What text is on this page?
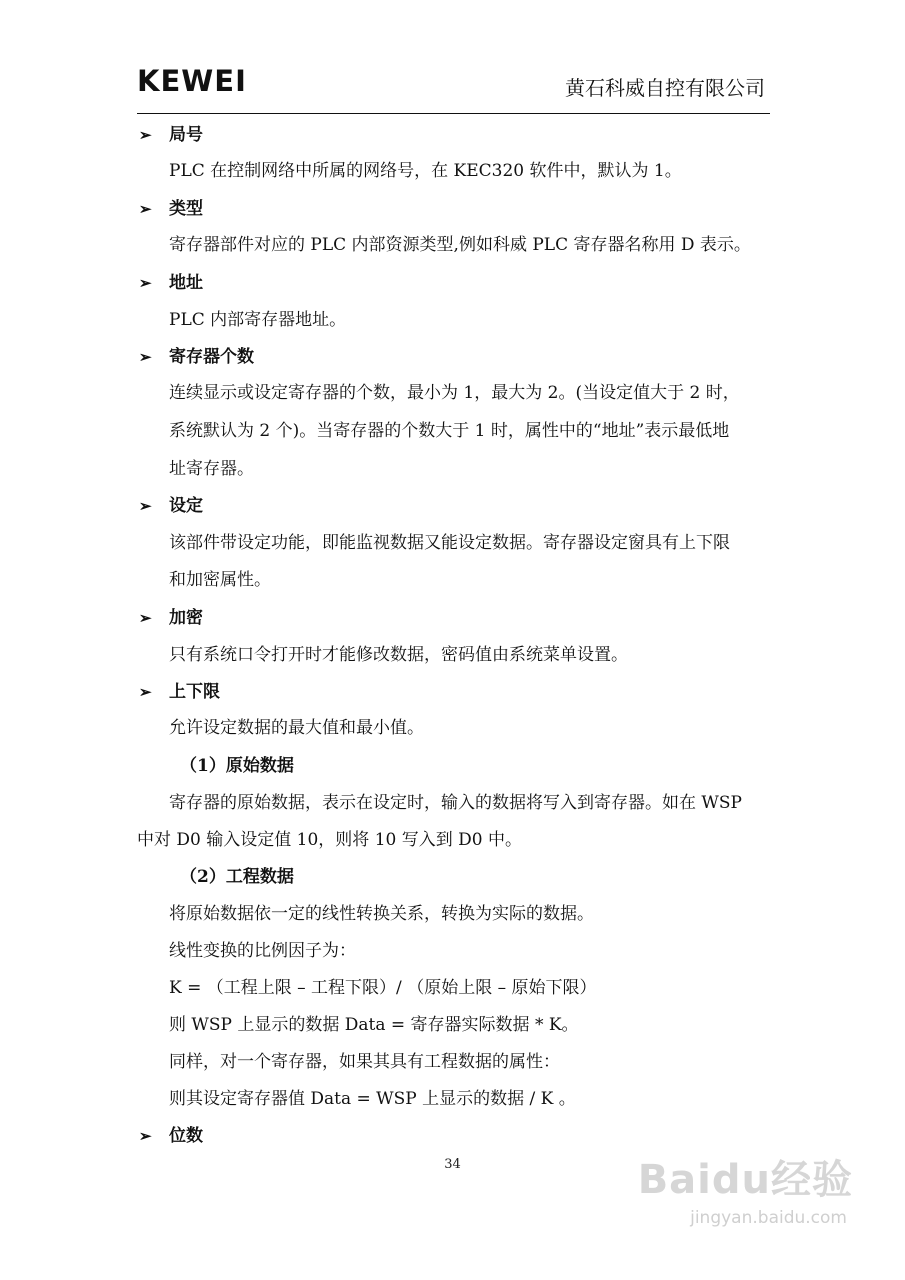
KEWEI	黄石科威自控有限公司
➢ 局号
PLC 在控制网络中所属的网络号，在 KEC320 软件中，默认为 1。
➢ 类型
寄存器部件对应的 PLC 内部资源类型,例如科威 PLC 寄存器名称用 D 表示。
➢ 地址
PLC 内部寄存器地址。
➢ 寄存器个数
连续显示或设定寄存器的个数，最小为 1，最大为 2。(当设定值大于 2 时，
系统默认为 2 个)。当寄存器的个数大于 1 时，属性中的“地址”表示最低地
址寄存器。
➢ 设定
该部件带设定功能，即能监视数据又能设定数据。寄存器设定窗具有上下限
和加密属性。
➢ 加密
只有系统口令打开时才能修改数据，密码值由系统菜单设置。
➢ 上下限
允许设定数据的最大值和最小值。
（1）原始数据
寄存器的原始数据，表示在设定时，输入的数据将写入到寄存器。如在 WSP
中对 D0 输入设定值 10，则将 10 写入到 D0 中。
（2）工程数据
将原始数据依一定的线性转换关系，转换为实际的数据。
线性变换的比例因子为：
K = （工程上限 – 工程下限）/ （原始上限 – 原始下限）
则 WSP 上显示的数据 Data = 寄存器实际数据 * K。
同样，对一个寄存器，如果其具有工程数据的属性：
则其设定寄存器值 Data = WSP 上显示的数据 / K 。
➢ 位数
34	Baidu经验
jingyan.baidu.com
